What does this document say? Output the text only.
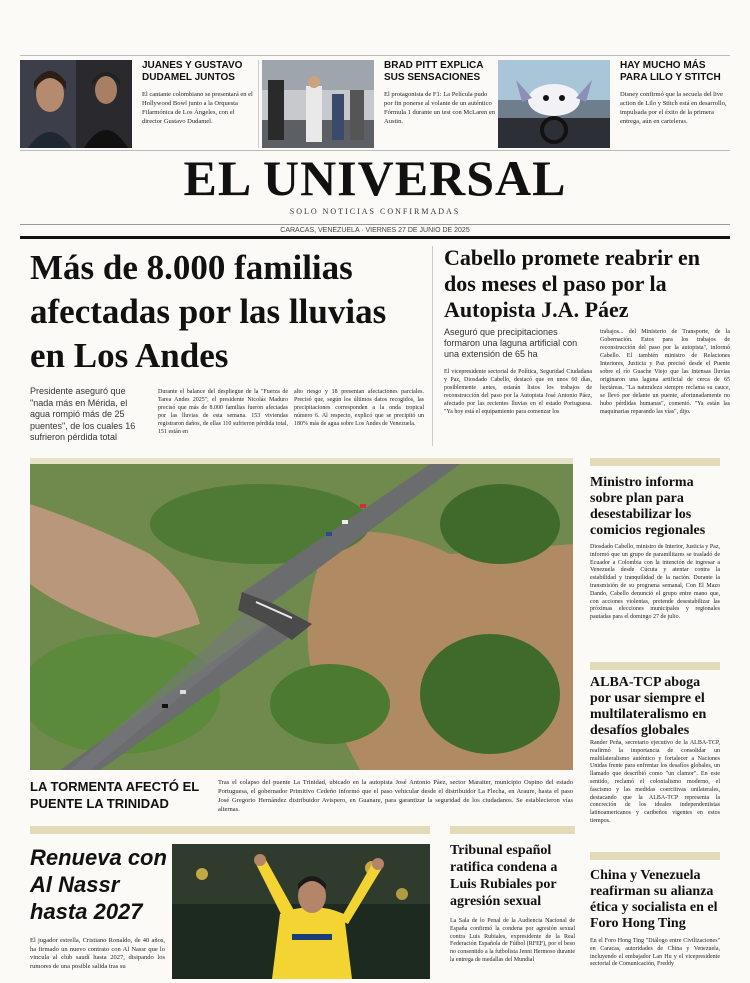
JUANES Y GUSTAVO DUDAMEL JUNTOS
El cantante colombiano se presentará en el Hollywood Bowl junto a la Orquesta Filarmónica de Los Ángeles, con el director Gustavo Dudamel.
BRAD PITT EXPLICA SUS SENSACIONES
El protagonista de F1: La Película pudo por fin ponerse al volante de un auténtico Fórmula 1 durante un test con McLaren en Austin.
HAY MUCHO MÁS PARA LILO Y STITCH
Disney confirmó que la secuela del live action de Lilo y Stitch está en desarrollo, impulsada por el éxito de la primera entrega, aún en carteleras.
EL UNIVERSAL
SOLO NOTICIAS CONFIRMADAS
CARACAS, VENEZUELA · VIERNES 27 DE JUNIO DE 2025
Más de 8.000 familias afectadas por las lluvias en Los Andes
Presidente aseguró que "nada más en Mérida, el agua rompió más de 25 puentes", de los cuales 16 sufrieron pérdida total
Durante el balance del despliegue de la "Fuerza de Tarea Andes 2025", el presidente Nicolás Maduro precisó que más de 8.000 familias fueron afectadas por las lluvias de esta semana. 153 viviendas registraron daños, de ellas 110 sufrieron pérdida total, 151 están en
alto riesgo y 18 presentan afectaciones parciales. Precisó que, según los últimos datos recogidos, las precipitaciones corresponden a la onda tropical número 6. Al respecto, explicó que se precipitó un 180% más de agua sobre Los Andes de Venezuela.
Cabello promete reabrir en dos meses el paso por la Autopista J.A. Páez
Aseguró que precipitaciones formaron una laguna artificial con una extensión de 65 ha
El vicepresidente sectorial de Política, Seguridad Ciudadana y Paz, Diosdado Cabello, destacó que en unos 60 días, posiblemente antes, estarán listos los trabajos de reconstrucción del paso por la Autopista José Antonio Páez, afectado por las recientes lluvias en el estado Portuguesa. "Ya hoy está el equipamiento para comenzar los
trabajos... del Ministerio de Transporte, de la Gobernación. Estos para los trabajos de reconstrucción del paso por la autopista", informó Cabello. El también ministro de Relaciones Interiores, Justicia y Paz precisó desde el Puente sobre el río Guache Viejo que las intensas lluvias originaron una laguna artificial de cerca de 65 hectáreas. "La naturaleza siempre reclama su cauce, se llevó por delante un puente, afortunadamente no hubo pérdidas humanas", comentó. "Ya están las maquinarias reparando las vías", dijo.
LA TORMENTA AFECTÓ EL PUENTE LA TRINIDAD
Tras el colapso del puente La Trinidad, ubicado en la autopista José Antonio Páez, sector Maraiter, municipio Ospino del estado Portuguesa, el gobernador Primitivo Cedeño informó que el paso vehicular desde el distribuidor La Flecha, en Araure, hasta el paso José Gregorio Hernández distribuidor Avispero, en Guanare, para garantizar la seguridad de los ciudadanos. Se establecieron vías alternas.
Ministro informa sobre plan para desestabilizar los comicios regionales
Diosdado Cabello, ministro de Interior, Justicia y Paz, informó que un grupo de paramilitares se trasladó de Ecuador a Colombia con la intención de ingresar a Venezuela desde Cúcuta y atentar contra la estabilidad y tranquilidad de la nación. Durante la transmisión de su programa semanal, Con El Mazo Dando, Cabello denunció el grupo entre mano que, con acciones violentas, pretende desestabilizar las próximas elecciones municipales y regionales pautadas para el domingo 27 de julio.
ALBA-TCP aboga por usar siempre el multilateralismo en desafíos globales
Rander Peña, secretario ejecutivo de la ALBA-TCP, reafirmó la importancia de consolidar un multilateralismo auténtico y fortalecer a Naciones Unidas frente para enfrentar los desafíos globales, un llamado que describió como "un clamor". En este sentido, reclamó el colonialismo moderno, el fascismo y las medidas coercitivas unilaterales, destacando que la ALBA-TCP representa la concreción de los ideales independentistas latinoamericanos y caribeños vigentes en estos tiempos.
China y Venezuela reafirman su alianza ética y socialista en el Foro Hong Ting
En el Foro Hong Ting "Diálogo entre Civilizaciones" en Caracas, autoridades de China y Venezuela, incluyendo el embajador Lan Hu y el vicepresidente sectorial de Comunicación, Freddy
Renueva con Al Nassr hasta 2027
El jugador estrella, Cristiano Ronaldo, de 40 años, ha firmado un nuevo contrato con Al Nassr que lo vincula al club saudí hasta 2027, disipando los rumores de una posible salida tras su
Tribunal español ratifica condena a Luis Rubiales por agresión sexual
La Sala de lo Penal de la Audiencia Nacional de España confirmó la condena por agresión sexual contra Luis Rubiales, expresidente de la Real Federación Española de Fútbol (RFEF), por el beso no consentido a la futbolista Jenni Hermoso durante la entrega de medallas del Mundial
